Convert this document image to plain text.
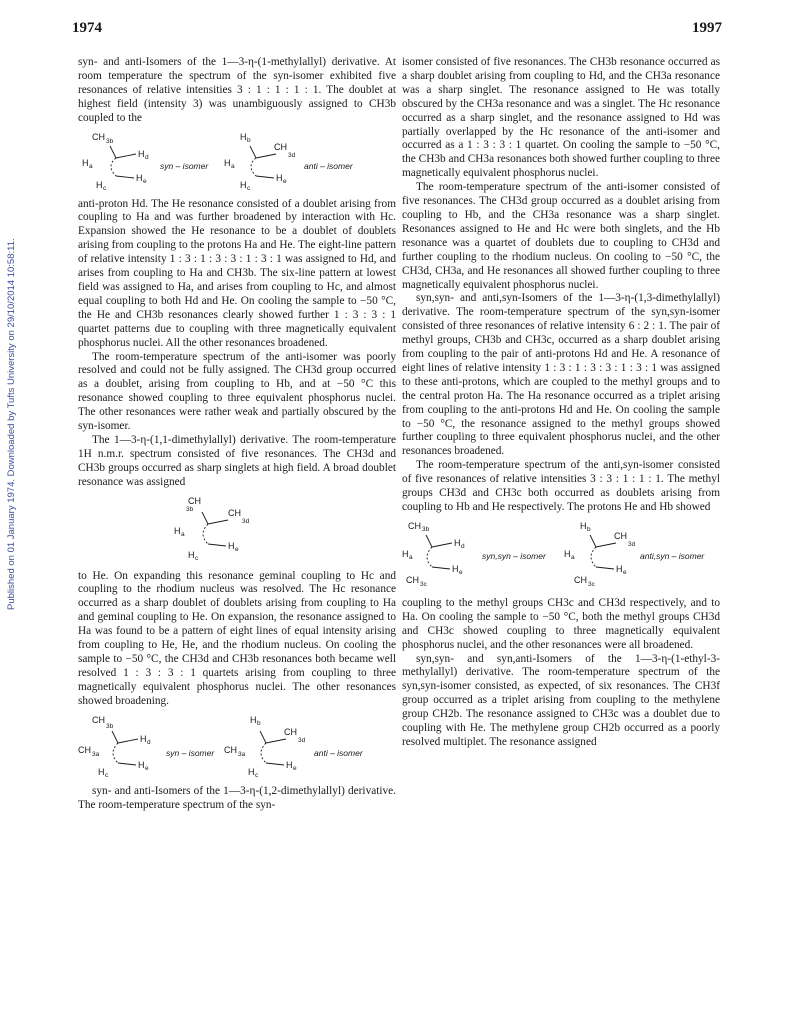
1974	1997
Published on 01 January 1974. Downloaded by Tufts University on 29/10/2014 10:58:11.

syn- and anti-Isomers of the 1—3-η-(1-methylallyl) derivative. At room temperature the spectrum of the syn-isomer exhibited five resonances of relative intensities 3 : 1 : 1 : 1 : 1. The doublet at highest field (intensity 3) was unambiguously assigned to CH3b coupled to the

CH 3b
H d
H a
H e
H c
syn – isomer
H b
CH
3d
H a
H e
H c
anti – isomer

anti-proton Hd. The He resonance consisted of a doublet arising from coupling to Ha and was further broadened by interaction with Hc. Expansion showed the He resonance to be a doublet of doublets arising from coupling to the protons Ha and He. The eight-line pattern of relative intensity 1 : 3 : 1 : 3 : 3 : 1 : 3 : 1 was assigned to Hd, and arises from coupling to Ha and CH3b. The six-line pattern at lowest field was assigned to Ha, and arises from coupling to Hc, and almost equal coupling to both Hd and He. On cooling the sample to −50 °C, the He and CH3b resonances clearly showed further 1 : 3 : 3 : 1 quartet patterns due to coupling with three magnetically equivalent phosphorus nuclei. All the other resonances broadened.

The room-temperature spectrum of the anti-isomer was poorly resolved and could not be fully assigned. The CH3d group occurred as a doublet, arising from coupling to Hb, and at −50 °C this resonance showed coupling to three equivalent phosphorus nuclei. The other resonances were rather weak and partially obscured by the syn-isomer.

The 1—3-η-(1,1-dimethylallyl) derivative. The room-temperature 1H n.m.r. spectrum consisted of five resonances. The CH3d and CH3b groups occurred as sharp singlets at high field. A broad doublet resonance was assigned

CH
3b	CH
3d
H a
H e
H c

to He. On expanding this resonance geminal coupling to Hc and coupling to the rhodium nucleus was resolved. The Hc resonance occurred as a sharp doublet of doublets arising from coupling to Ha and geminal coupling to He. On expansion, the resonance assigned to Ha was found to be a pattern of eight lines of equal intensity arising from coupling to He, He, and the rhodium nucleus. On cooling the sample to −50 °C, the CH3d and CH3b resonances both became well resolved 1 : 3 : 3 : 1 quartets arising from coupling to three magnetically equivalent phosphorus nuclei. The other resonances showed broadening.

CH
3b
H d
CH 3a
H e
H c
syn – isomer
H b
CH
3d
CH 3a
H e
H c
anti – isomer

syn- and anti-Isomers of the 1—3-η-(1,2-dimethylallyl) derivative. The room-temperature spectrum of the syn-

isomer consisted of five resonances. The CH3b resonance occurred as a sharp doublet arising from coupling to Hd, and the CH3a resonance was a sharp singlet. The resonance assigned to He was totally obscured by the CH3a resonance and was a singlet. The Hc resonance occurred as a sharp singlet, and the resonance assigned to Hd was partially overlapped by the Hc resonance of the anti-isomer and occurred as a 1 : 3 : 3 : 1 quartet. On cooling the sample to −50 °C, the CH3b and CH3a resonances both showed further coupling to three magnetically equivalent phosphorus nuclei.

The room-temperature spectrum of the anti-isomer consisted of five resonances. The CH3d group occurred as a doublet arising from coupling to Hb, and the CH3a resonance was a sharp singlet. Resonances assigned to He and Hc were both singlets, and the Hb resonance was a quartet of doublets due to coupling to CH3d and further coupling to the rhodium nucleus. On cooling to −50 °C, the CH3d, CH3a, and He resonances all showed further coupling to three magnetically equivalent phosphorus nuclei.

syn,syn- and anti,syn-Isomers of the 1—3-η-(1,3-dimethylallyl) derivative. The room-temperature spectrum of the syn,syn-isomer consisted of three resonances of relative intensity 6 : 2 : 1. The pair of methyl groups, CH3b and CH3c, occurred as a sharp doublet arising from coupling to the pair of anti-protons Hd and He. A resonance of eight lines of relative intensity 1 : 3 : 1 : 3 : 3 : 1 : 3 : 1 was assigned to these anti-protons, which are coupled to the methyl groups and to the central proton Ha. The Ha resonance occurred as a triplet arising from coupling to the anti-protons Hd and He. On cooling the sample to −50 °C, the resonance assigned to the methyl groups showed further coupling to three equivalent phosphorus nuclei, and the other resonances broadened.

The room-temperature spectrum of the anti,syn-isomer consisted of five resonances of relative intensities 3 : 3 : 1 : 1 : 1. The methyl groups CH3d and CH3c both occurred as doublets arising from coupling to Hb and He respectively. The protons He and Hb showed

CH 3b
H d
H a
H e
CH 3c
syn,syn – isomer
H b
CH
3d
H a
H e
CH 3c
anti,syn – isomer

coupling to the methyl groups CH3c and CH3d respectively, and to Ha. On cooling the sample to −50 °C, both the methyl groups CH3d and CH3c showed coupling to three magnetically equivalent phosphorus nuclei, and the other resonances were all broadened.

syn,syn- and syn,anti-Isomers of the 1—3-η-(1-ethyl-3-methylallyl) derivative. The room-temperature spectrum of the syn,syn-isomer consisted, as expected, of six resonances. The CH3f group occurred as a triplet arising from coupling to the methylene group CH2b. The resonance assigned to CH3c was a doublet due to coupling with He. The methylene group CH2b occurred as a poorly resolved multiplet. The resonance assigned
